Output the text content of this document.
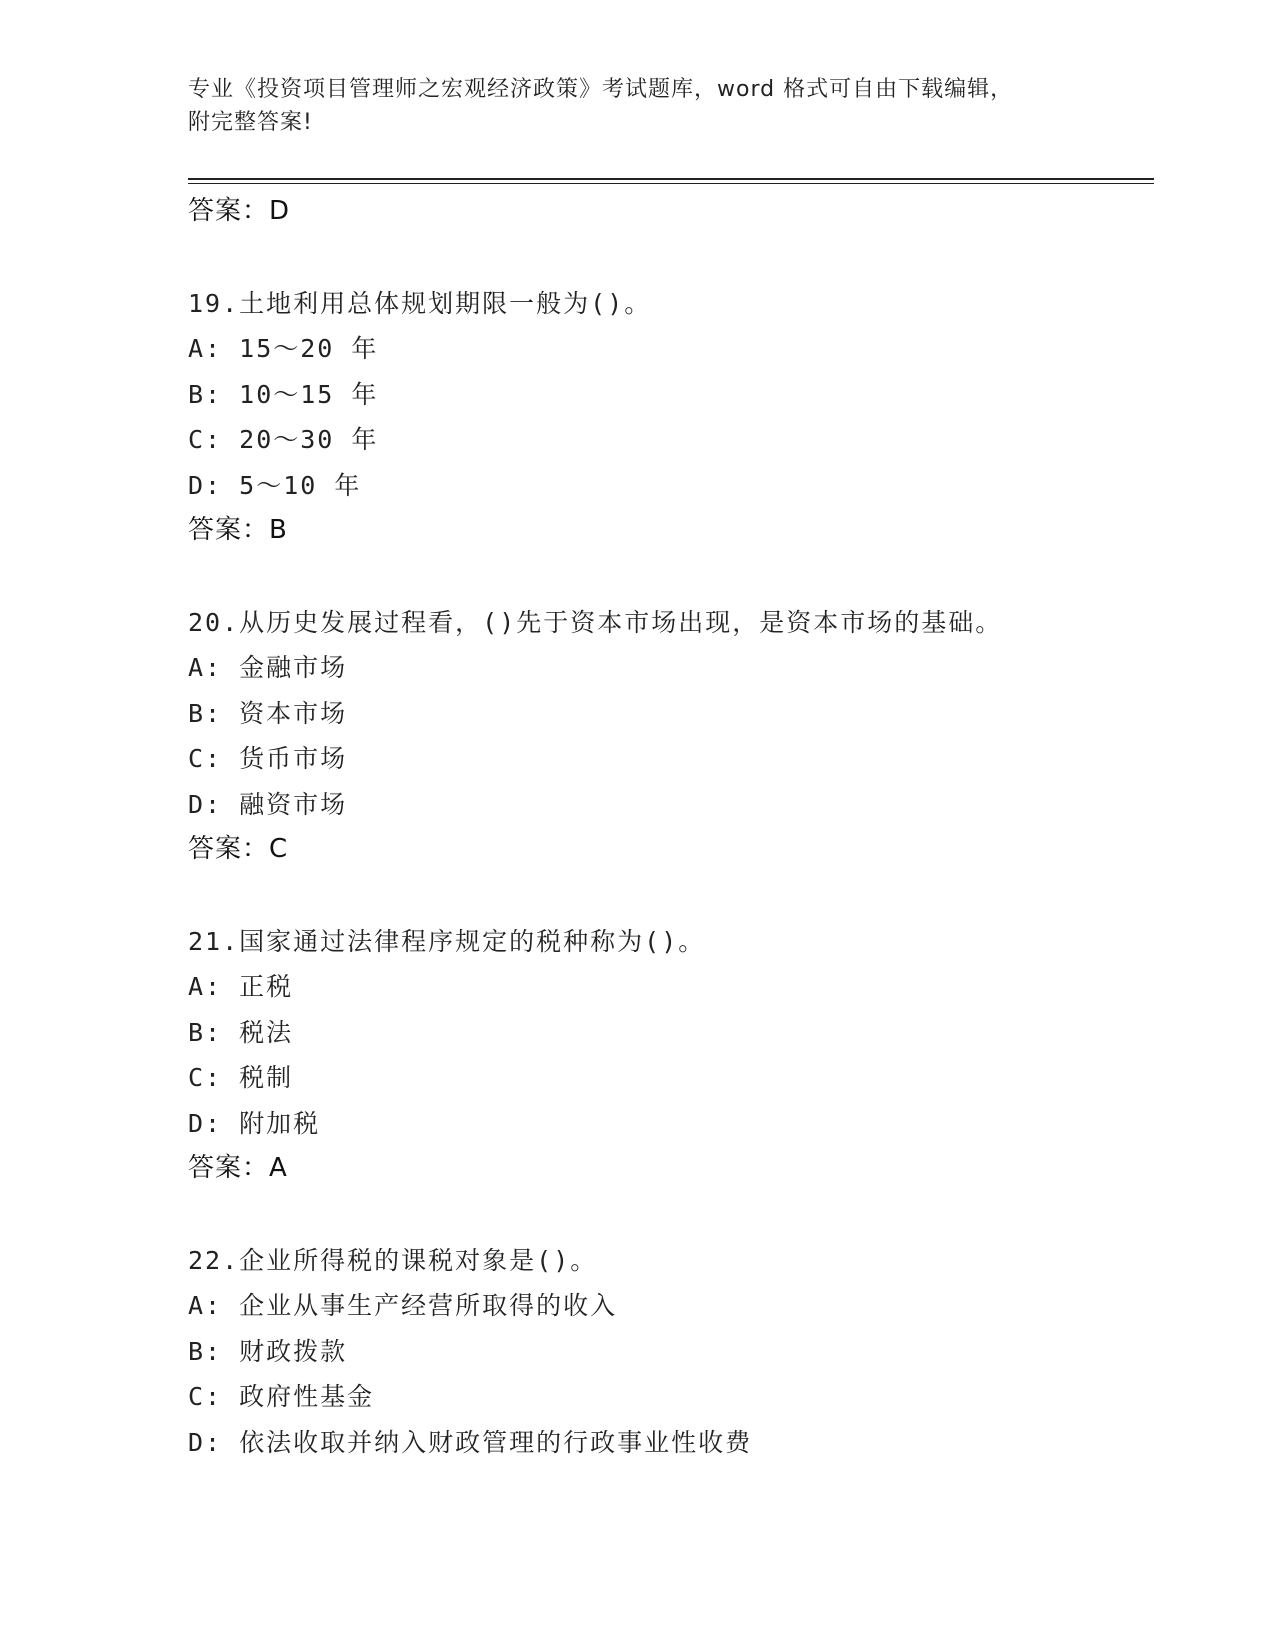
专业《投资项目管理师之宏观经济政策》考试题库，word 格式可自由下载编辑，
附完整答案!
答案：D
19.土地利用总体规划期限一般为()。
A: 15～20 年
B: 10～15 年
C: 20～30 年
D: 5～10 年
答案：B
20.从历史发展过程看，()先于资本市场出现，是资本市场的基础。
A: 金融市场
B: 资本市场
C: 货币市场
D: 融资市场
答案：C
21.国家通过法律程序规定的税种称为()。
A: 正税
B: 税法
C: 税制
D: 附加税
答案：A
22.企业所得税的课税对象是()。
A: 企业从事生产经营所取得的收入
B: 财政拨款
C: 政府性基金
D: 依法收取并纳入财政管理的行政事业性收费
